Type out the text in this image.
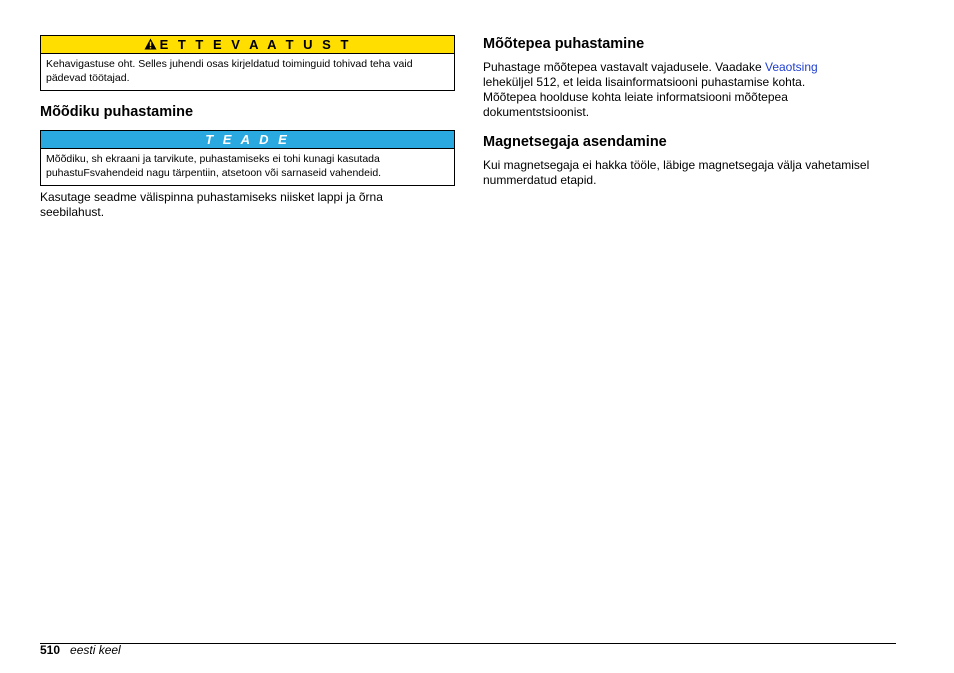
E T T E V A A T U S T
Kehavigastuse oht. Selles juhendi osas kirjeldatud toiminguid tohivad teha vaid
pädevad töötajad.
Mõõdiku puhastamine
T E A D E
Mõõdiku, sh ekraani ja tarvikute, puhastamiseks ei tohi kunagi kasutada
puhastuFsvahendeid nagu tärpentiin, atsetoon või sarnaseid vahendeid.
Kasutage seadme välispinna puhastamiseks niisket lappi ja õrna
seebilahust.
Mõõtepea puhastamine
Puhastage mõõtepea vastavalt vajadusele. Vaadake Veaotsing
leheküljel 512, et leida lisainformatsiooni puhastamise kohta.
Mõõtepea hoolduse kohta leiate informatsiooni mõõtepea
dokumentstsioonist.
Magnetsegaja asendamine
Kui magnetsegaja ei hakka tööle, läbige magnetsegaja välja vahetamisel
nummerdatud etapid.
510 eesti keel
